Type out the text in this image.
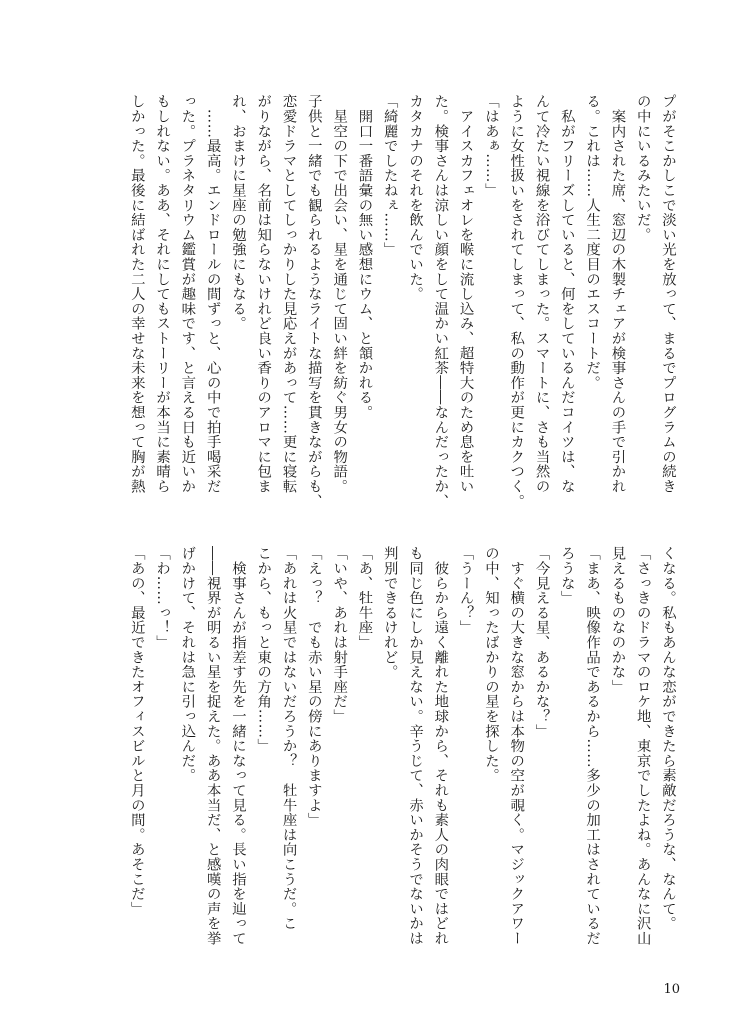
プがそこかしこで淡い光を放って、まるでプログラムの続き
の中にいるみたいだ。
　案内された席、窓辺の木製チェアが検事さんの手で引かれ
る。これは……人生二度目のエスコートだ。
　私がフリーズしていると、何をしているんだコイツは、な
んて冷たい視線を浴びてしまった。スマートに、さも当然の
ように女性扱いをされてしまって、私の動作が更にカクつく。
「はあぁ……」
　アイスカフェオレを喉に流し込み、超特大のため息を吐い
た。検事さんは涼しい顔をして温かい紅茶――なんだったか、
カタカナのそれを飲んでいた。
「綺麗でしたねぇ……」
　開口一番語彙の無い感想にウム、と頷かれる。
　星空の下で出会い、星を通じて固い絆を紡ぐ男女の物語。
子供と一緒でも観られるようなライトな描写を貫きながらも、
恋愛ドラマとしてしっかりした見応えがあって……更に寝転
がりながら、名前は知らないけれど良い香りのアロマに包ま
れ、おまけに星座の勉強にもなる。
　……最高。エンドロールの間ずっと、心の中で拍手喝采だ
った。プラネタリウム鑑賞が趣味です、と言える日も近いか
もしれない。ああ、それにしてもストーリーが本当に素晴ら
しかった。最後に結ばれた二人の幸せな未来を想って胸が熱
くなる。私もあんな恋ができたら素敵だろうな、なんて。
「さっきのドラマのロケ地、東京でしたよね。あんなに沢山
見えるものなのかな」
「まあ、映像作品であるから……多少の加工はされているだ
ろうな」
「今見える星、あるかな？」
　すぐ横の大きな窓からは本物の空が覗く。マジックアワー
の中、知ったばかりの星を探した。
「うーん？」
　彼らから遠く離れた地球から、それも素人の肉眼ではどれ
も同じ色にしか見えない。辛うじて、赤いかそうでないかは
判別できるけれど。
「あ、牡牛座」
「いや、あれは射手座だ」
「えっ？　でも赤い星の傍にありますよ」
「あれは火星ではないだろうか？　牡牛座は向こうだ。こ
こから、もっと東の方角……」
　検事さんが指差す先を一緒になって見る。長い指を辿って
――視界が明るい星を捉えた。ああ本当だ、と感嘆の声を挙
げかけて、それは急に引っ込んだ。
「わ……っ！」
「あの、最近できたオフィスビルと月の間。あそこだ」
10
